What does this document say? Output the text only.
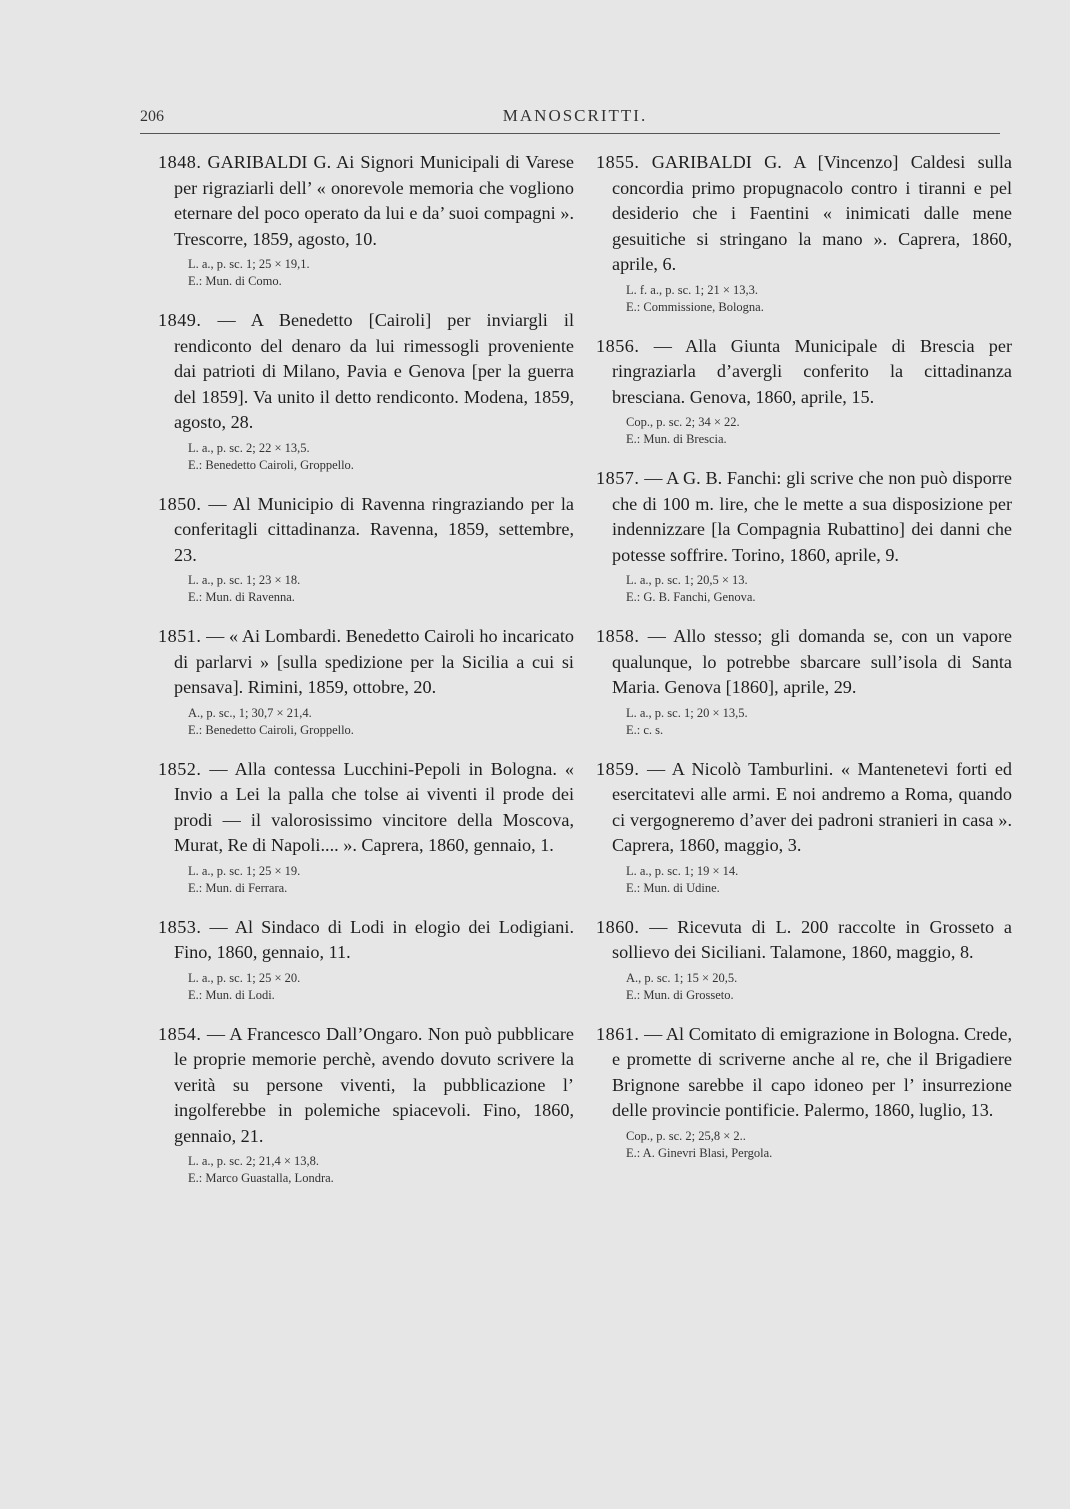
206	MANOSCRITTI.

1848. GARIBALDI G. Ai Signori Municipali di Varese per rigraziarli dell’ « onorevole memoria che vogliono eternare del poco operato da lui e da’ suoi compagni ». Trescorre, 1859, agosto, 10.

L. a., p. sc. 1; 25 × 19,1.
E.: Mun. di Como.

1849. — A Benedetto [Cairoli] per inviargli il rendiconto del denaro da lui rimessogli proveniente dai patrioti di Milano, Pavia e Genova [per la guerra del 1859]. Va unito il detto rendiconto. Modena, 1859, agosto, 28.

L. a., p. sc. 2; 22 × 13,5.
E.: Benedetto Cairoli, Groppello.

1850. — Al Municipio di Ravenna ringraziando per la conferitagli cittadinanza. Ravenna, 1859, settembre, 23.

L. a., p. sc. 1; 23 × 18.
E.: Mun. di Ravenna.

1851. — « Ai Lombardi. Benedetto Cairoli ho incaricato di parlarvi » [sulla spedizione per la Sicilia a cui si pensava]. Rimini, 1859, ottobre, 20.

A., p. sc., 1; 30,7 × 21,4.
E.: Benedetto Cairoli, Groppello.

1852. — Alla contessa Lucchini-Pepoli in Bologna. « Invio a Lei la palla che tolse ai viventi il prode dei prodi — il valorosissimo vincitore della Moscova, Murat, Re di Napoli.... ». Caprera, 1860, gennaio, 1.

L. a., p. sc. 1; 25 × 19.
E.: Mun. di Ferrara.

1853. — Al Sindaco di Lodi in elogio dei Lodigiani. Fino, 1860, gennaio, 11.

L. a., p. sc. 1; 25 × 20.
E.: Mun. di Lodi.

1854. — A Francesco Dall’Ongaro. Non può pubblicare le proprie memorie perchè, avendo dovuto scrivere la verità su persone viventi, la pubblicazione l’ ingolferebbe in polemiche spiacevoli. Fino, 1860, gennaio, 21.

L. a., p. sc. 2; 21,4 × 13,8.
E.: Marco Guastalla, Londra.

1855. GARIBALDI G. A [Vincenzo] Caldesi sulla concordia primo propugnacolo contro i tiranni e pel desiderio che i Faentini « inimicati dalle mene gesuitiche si stringano la mano ». Caprera, 1860, aprile, 6.

L. f. a., p. sc. 1; 21 × 13,3.
E.: Commissione, Bologna.

1856. — Alla Giunta Municipale di Brescia per ringraziarla d’avergli conferito la cittadinanza bresciana. Genova, 1860, aprile, 15.

Cop., p. sc. 2; 34 × 22.
E.: Mun. di Brescia.

1857. — A G. B. Fanchi: gli scrive che non può disporre che di 100 m. lire, che le mette a sua disposizione per indennizzare [la Compagnia Rubattino] dei danni che potesse soffrire. Torino, 1860, aprile, 9.

L. a., p. sc. 1; 20,5 × 13.
E.: G. B. Fanchi, Genova.

1858. — Allo stesso; gli domanda se, con un vapore qualunque, lo potrebbe sbarcare sull’isola di Santa Maria. Genova [1860], aprile, 29.

L. a., p. sc. 1; 20 × 13,5.
E.: c. s.

1859. — A Nicolò Tamburlini. « Mantenetevi forti ed esercitatevi alle armi. E noi andremo a Roma, quando ci vergogneremo d’aver dei padroni stranieri in casa ». Caprera, 1860, maggio, 3.

L. a., p. sc. 1; 19 × 14.
E.: Mun. di Udine.

1860. — Ricevuta di L. 200 raccolte in Grosseto a sollievo dei Siciliani. Talamone, 1860, maggio, 8.

A., p. sc. 1; 15 × 20,5.
E.: Mun. di Grosseto.

1861. — Al Comitato di emigrazione in Bologna. Crede, e promette di scriverne anche al re, che il Brigadiere Brignone sarebbe il capo idoneo per l’ insurrezione delle provincie pontificie. Palermo, 1860, luglio, 13.

Cop., p. sc. 2; 25,8 × 2..
E.: A. Ginevri Blasi, Pergola.
